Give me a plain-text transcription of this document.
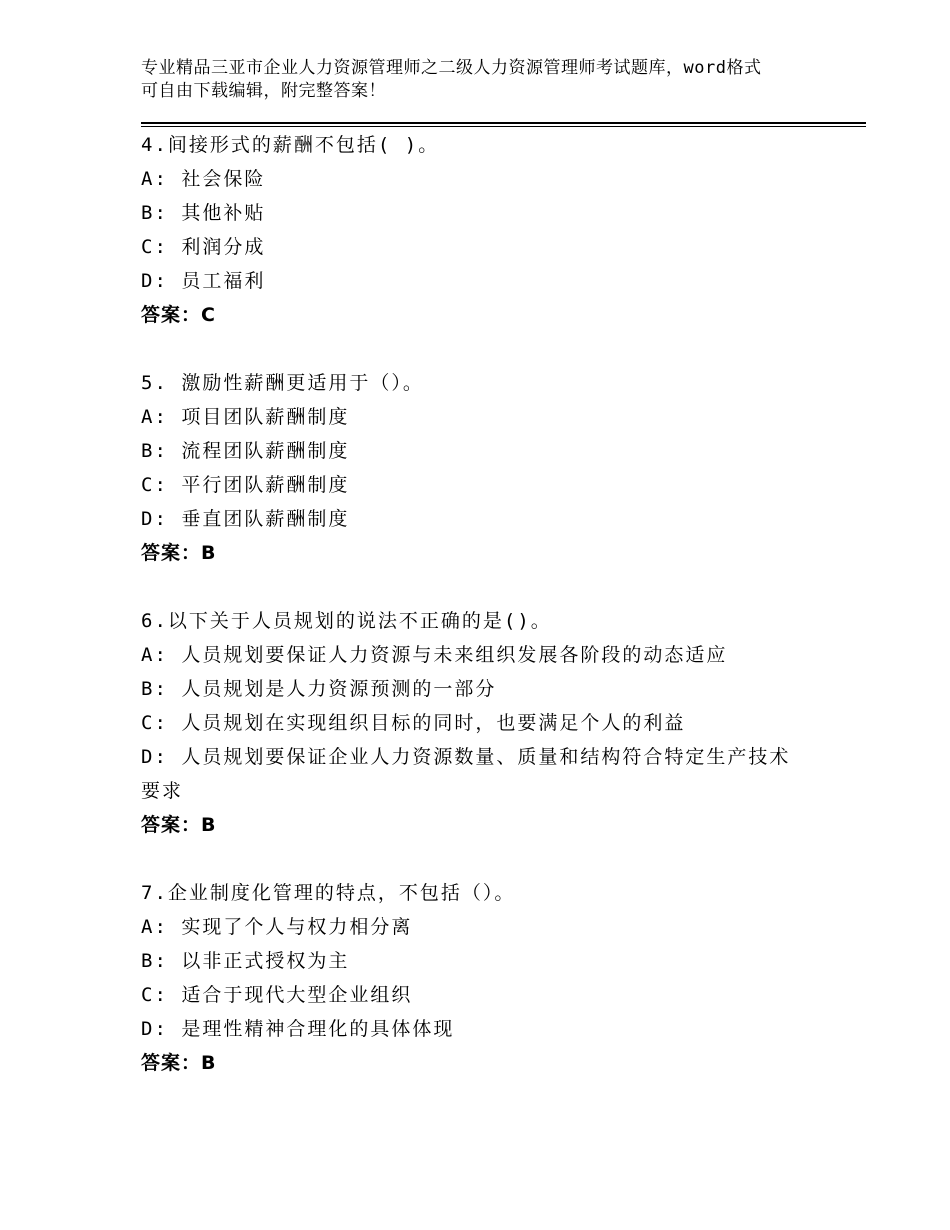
专业精品三亚市企业人力资源管理师之二级人力资源管理师考试题库，word格式
可自由下载编辑，附完整答案！
4.间接形式的薪酬不包括( )。
A: 社会保险
B: 其他补贴
C: 利润分成
D: 员工福利
答案：C
5. 激励性薪酬更适用于（）。
A: 项目团队薪酬制度
B: 流程团队薪酬制度
C: 平行团队薪酬制度
D: 垂直团队薪酬制度
答案：B
6.以下关于人员规划的说法不正确的是()。
A: 人员规划要保证人力资源与未来组织发展各阶段的动态适应
B: 人员规划是人力资源预测的一部分
C: 人员规划在实现组织目标的同时，也要满足个人的利益
D: 人员规划要保证企业人力资源数量、质量和结构符合特定生产技术要求
答案：B
7.企业制度化管理的特点，不包括（）。
A: 实现了个人与权力相分离
B: 以非正式授权为主
C: 适合于现代大型企业组织
D: 是理性精神合理化的具体体现
答案：B
